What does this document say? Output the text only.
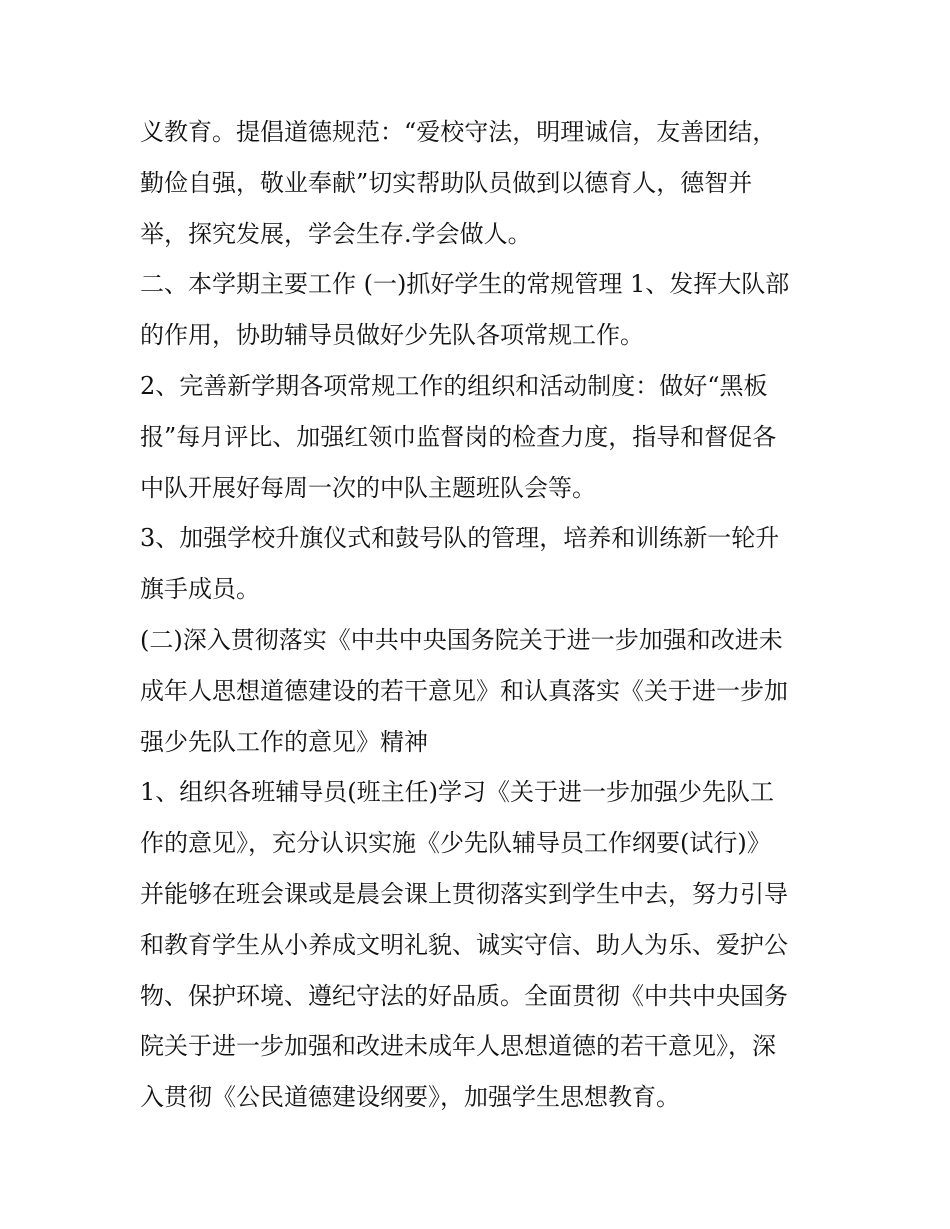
义教育。提倡道德规范：“爱校守法，明理诚信，友善团结，
勤俭自强，敬业奉献”切实帮助队员做到以德育人，德智并
举，探究发展，学会生存.学会做人。
二、本学期主要工作 (一)抓好学生的常规管理 1、发挥大队部
的作用，协助辅导员做好少先队各项常规工作。
2、完善新学期各项常规工作的组织和活动制度：做好“黑板
报”每月评比、加强红领巾监督岗的检查力度，指导和督促各
中队开展好每周一次的中队主题班队会等。
3、加强学校升旗仪式和鼓号队的管理，培养和训练新一轮升
旗手成员。
(二)深入贯彻落实《中共中央国务院关于进一步加强和改进未
成年人思想道德建设的若干意见》和认真落实《关于进一步加
强少先队工作的意见》精神
1、组织各班辅导员(班主任)学习《关于进一步加强少先队工
作的意见》，充分认识实施《少先队辅导员工作纲要(试行)》
并能够在班会课或是晨会课上贯彻落实到学生中去，努力引导
和教育学生从小养成文明礼貌、诚实守信、助人为乐、爱护公
物、保护环境、遵纪守法的好品质。全面贯彻《中共中央国务
院关于进一步加强和改进未成年人思想道德的若干意见》，深
入贯彻《公民道德建设纲要》，加强学生思想教育。
